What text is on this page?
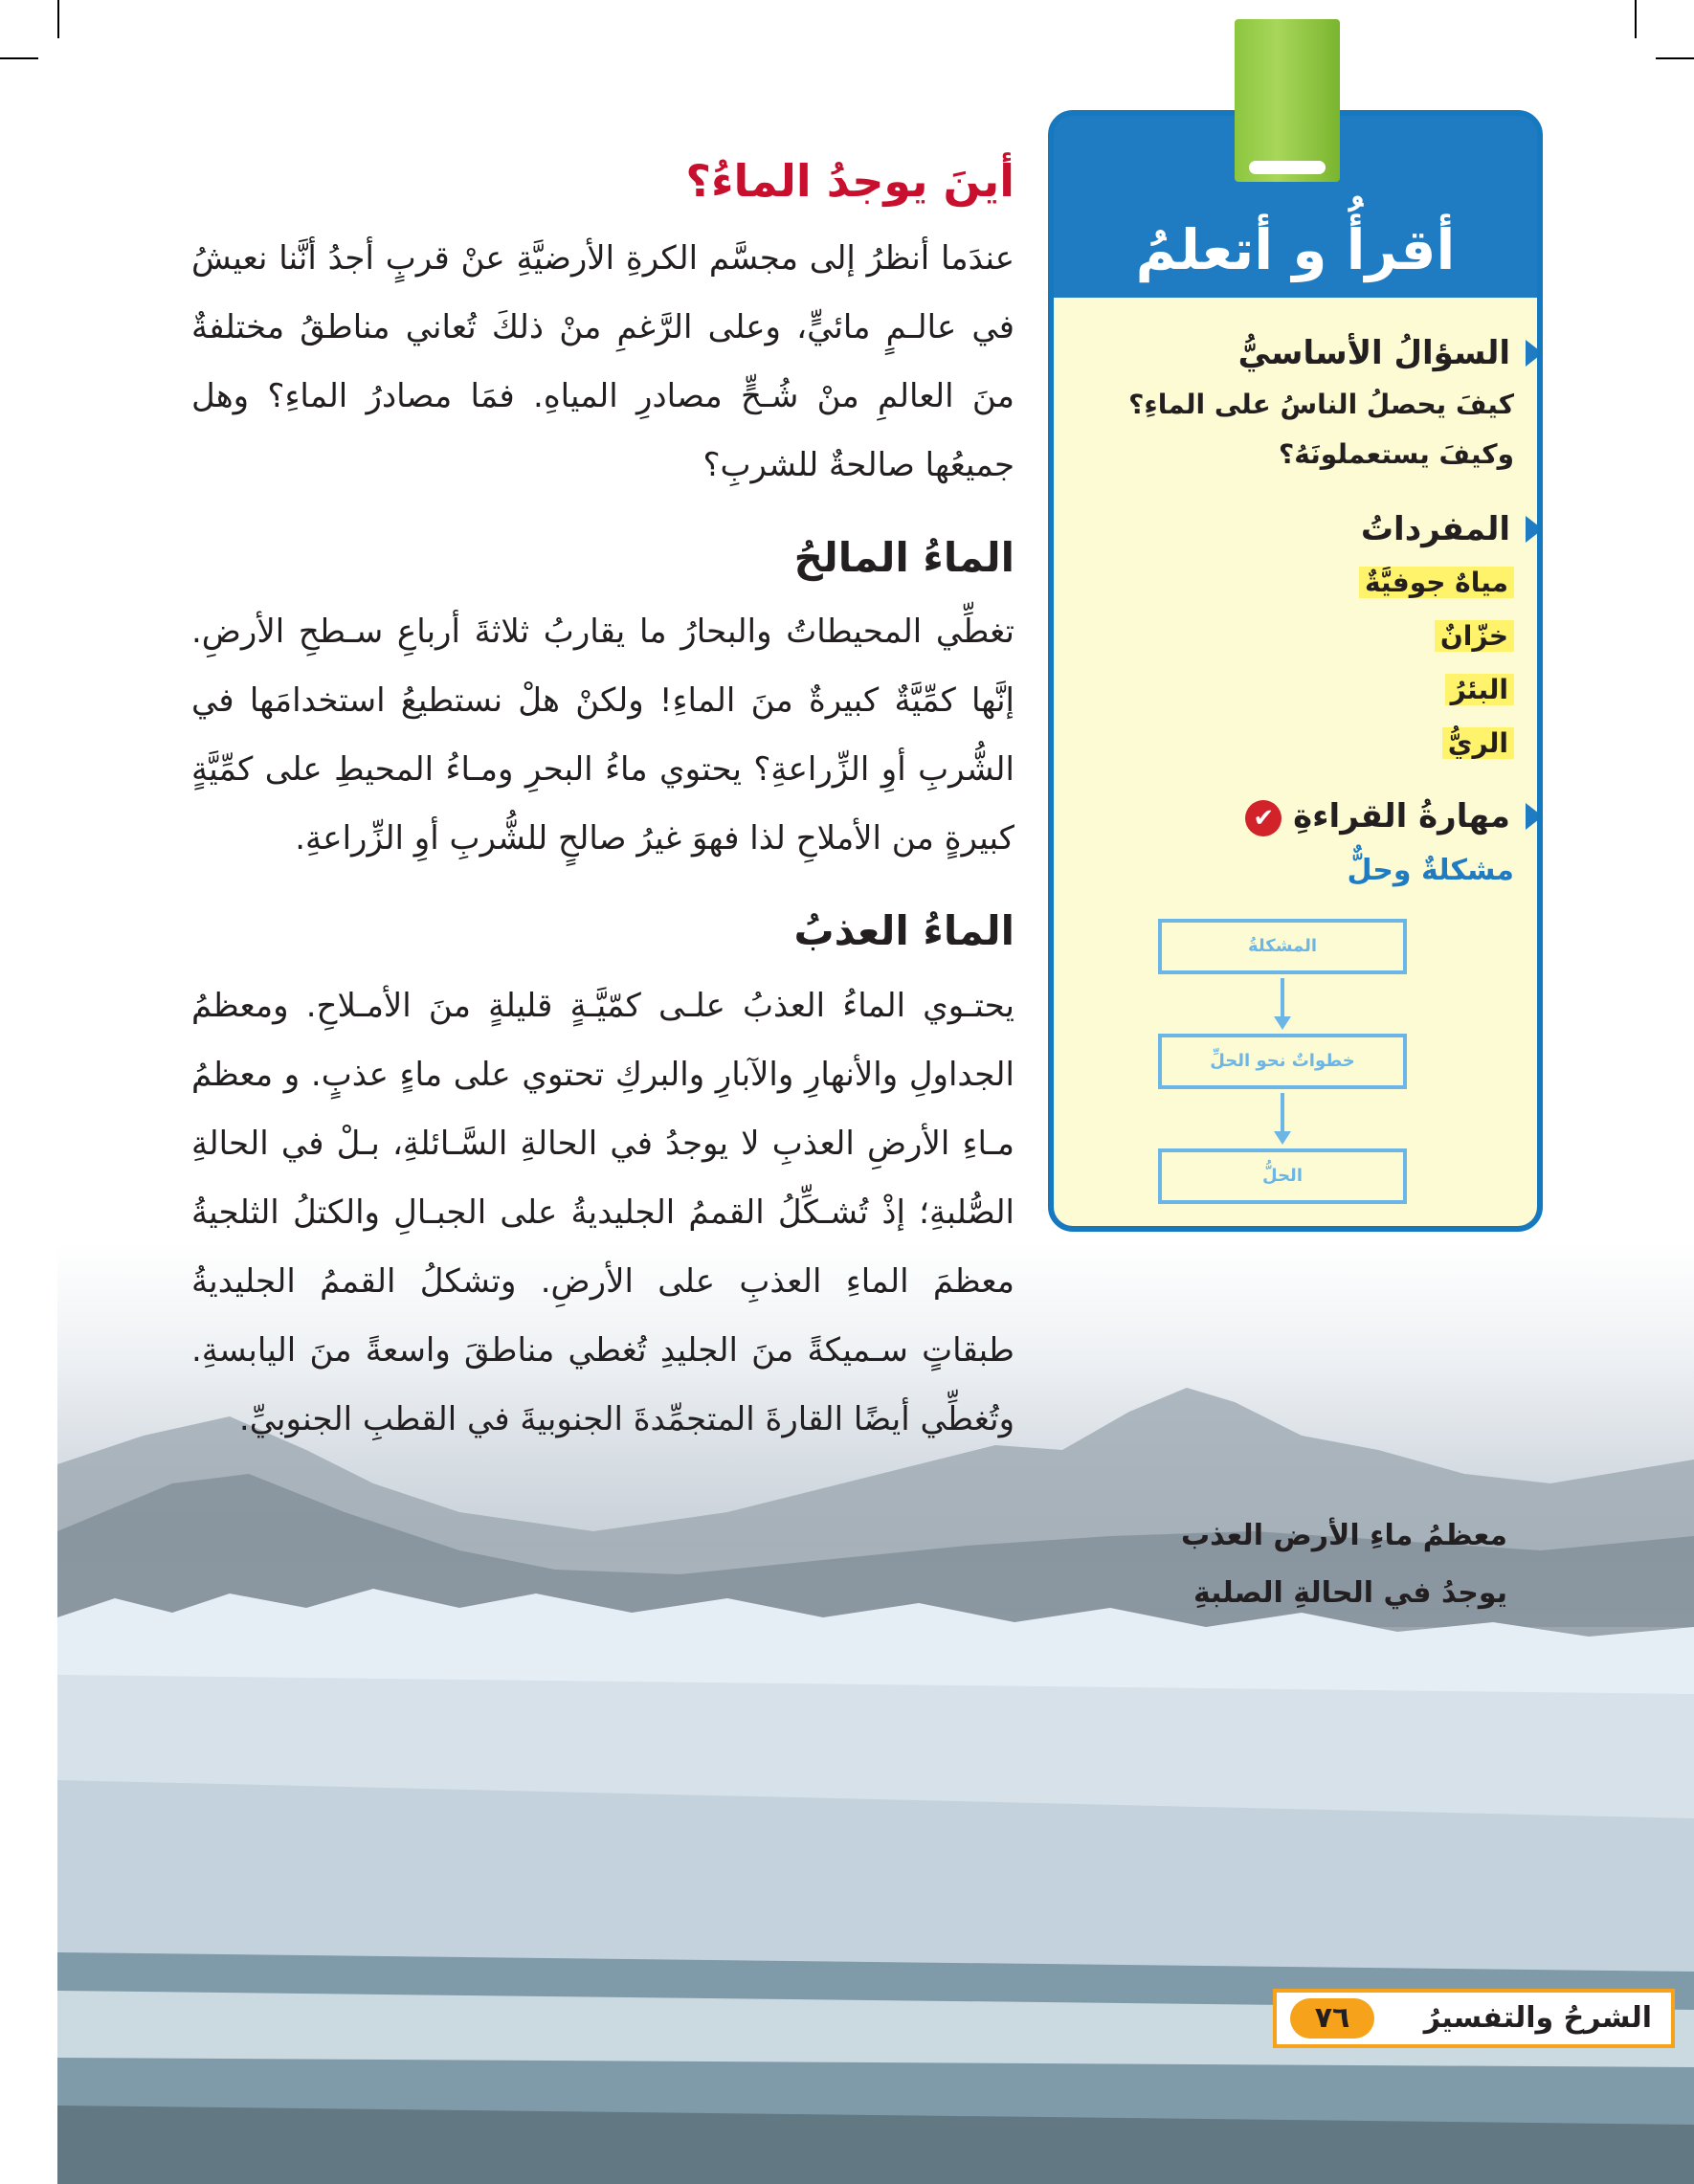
أينَ يوجدُ الماءُ؟

عندَما أنظرُ إلى مجسَّم الكرةِ الأرضيَّةِ عنْ قربٍ أجدُ أنَّنا نعيشُ في عالـمٍ مائيٍّ، وعلى الرَّغمِ منْ ذلكَ تُعاني مناطقُ مختلفةٌ منَ العالمِ منْ شُـحٍّ مصادرِ المياهِ. فمَا مصادرُ الماءِ؟ وهل جميعُها صالحةٌ للشربِ؟

الماءُ المالحُ

تغطِّي المحيطاتُ والبحارُ ما يقاربُ ثلاثةَ أرباعِ سـطحِ الأرضِ. إنَّها كمِّيَّةٌ كبيرةٌ منَ الماءِ! ولكنْ هلْ نستطيعُ استخدامَها في الشُّربِ أوِ الزِّراعةِ؟ يحتوي ماءُ البحرِ ومـاءُ المحيطِ على كمِّيَّةٍ كبيرةٍ من الأملاحِ لذا فهوَ غيرُ صالحٍ للشُّربِ أوِ الزِّراعةِ.

الماءُ العذبُ

يحتـوي الماءُ العذبُ علـى كمّيَّـةٍ قليلةٍ منَ الأمـلاحِ. ومعظمُ الجداولِ والأنهارِ والآبارِ والبركِ تحتوي على ماءٍ عذبٍ. و معظمُ مـاءِ الأرضِ العذبِ لا يوجدُ في الحالةِ السَّـائلةِ، بـلْ في الحالةِ الصُّلبةِ؛ إذْ تُشـكِّلُ القممُ الجليديةُ على الجبـالِ والكتلُ الثلجيةُ معظمَ الماءِ العذبِ على الأرضِ. وتشكلُ القممُ الجليديةُ طبقاتٍ سـميكةً منَ الجليدِ تُغطي مناطقَ واسعةً منَ اليابسةِ. وتُغطِّي أيضًا القارةَ المتجمِّدةَ الجنوبيةَ في القطبِ الجنوبيِّ.

أقرأُ و أتعلمُ
السؤالُ الأساسيُّ

كيفَ يحصلُ الناسُ على الماءِ؟ وكيفَ يستعملونَهُ؟

المفرداتُ
مياهٌ جوفيَّةٌ
خزّانٌ
البئرُ
الريُّ
مهارةُ القراءةِ ✔

مشكلةٌ وحلٌّ

المشكلةُ
خطواتٌ نحو الحلِّ
الحلُّ
معظمُ ماءِ الأرض العذب
يوجدُ في الحالةِ الصلبةِ
الشرحُ والتفسيرُ
٧٦
